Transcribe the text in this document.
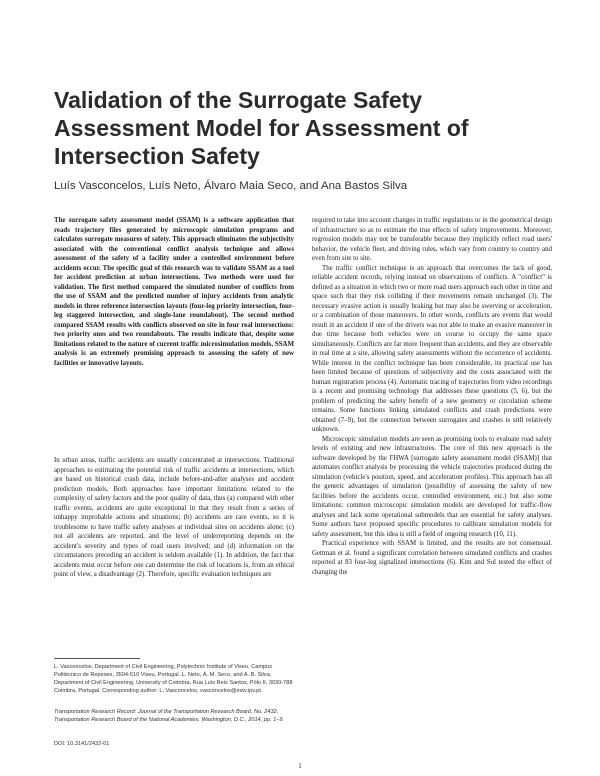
Validation of the Surrogate Safety Assessment Model for Assessment of Intersection Safety
Luís Vasconcelos, Luís Neto, Álvaro Maia Seco, and Ana Bastos Silva

The surrogate safety assessment model (SSAM) is a software application that reads trajectory files generated by microscopic simulation programs and calculates surrogate measures of safety. This approach eliminates the subjectivity associated with the conventional conflict analysis technique and allows assessment of the safety of a facility under a controlled environment before accidents occur. The specific goal of this research was to validate SSAM as a tool for accident prediction at urban intersections. Two methods were used for validation. The first method compared the simulated number of conflicts from the use of SSAM and the predicted number of injury accidents from analytic models in three reference intersection layouts (four-leg priority intersection, four-leg staggered intersection, and single-lane roundabout). The second method compared SSAM results with conflicts observed on site in four real intersections: two priority ones and two roundabouts. The results indicate that, despite some limitations related to the nature of current traffic microsimulation models, SSAM analysis is an extremely promising approach to assessing the safety of new facilities or innovative layouts.

In urban areas, traffic accidents are usually concentrated at intersections. Traditional approaches to estimating the potential risk of traffic accidents at intersections, which are based on historical crash data, include before-and-after analyses and accident prediction models. Both approaches have important limitations related to the complexity of safety factors and the poor quality of data, thus (a) compared with other traffic events, accidents are quite exceptional in that they result from a series of unhappy improbable actions and situations; (b) accidents are rare events, so it is troublesome to have traffic safety analyses at individual sites on accidents alone; (c) not all accidents are reported, and the level of underreporting depends on the accident's severity and types of road users involved; and (d) information on the circumstances preceding an accident is seldom available (1). In addition, the fact that accidents must occur before one can determine the risk of locations is, from an ethical point of view, a disadvantage (2). Therefore, specific evaluation techniques are

required to take into account changes in traffic regulations or in the geometrical design of infrastructure so as to estimate the true effects of safety improvements. Moreover, regression models may not be transferable because they implicitly reflect road users' behavior, the vehicle fleet, and driving rules, which vary from country to country and even from site to site.

The traffic conflict technique is an approach that overcomes the lack of good, reliable accident records, relying instead on observations of conflicts. A "conflict" is defined as a situation in which two or more road users approach each other in time and space such that they risk colliding if their movements remain unchanged (3). The necessary evasive action is usually braking but may also be swerving or acceleration, or a combination of those maneuvers. In other words, conflicts are events that would result in an accident if one of the drivers was not able to make an evasive maneuver in due time because both vehicles were on course to occupy the same space simultaneously. Conflicts are far more frequent than accidents, and they are observable in real time at a site, allowing safety assessments without the occurrence of accidents. While interest in the conflict technique has been considerable, its practical use has been limited because of questions of subjectivity and the costs associated with the human registration process (4). Automatic tracing of trajectories from video recordings is a recent and promising technology that addresses these questions (5, 6), but the problem of predicting the safety benefit of a new geometry or circulation scheme remains. Some functions linking simulated conflicts and crash predictions were obtained (7–9), but the connection between surrogates and crashes is still relatively unknown.

Microscopic simulation models are seen as promising tools to evaluate road safety levels of existing and new infrastructures. The core of this new approach is the software developed by the FHWA [surrogate safety assessment model (SSAM)] that automates conflict analysis by processing the vehicle trajectories produced during the simulation (vehicle's position, speed, and acceleration profiles). This approach has all the generic advantages of simulation (possibility of assessing the safety of new facilities before the accidents occur, controlled environment, etc.) but also some limitations: common microscopic simulation models are developed for traffic-flow analyses and lack some operational submodels that are essential for safety analyses. Some authors have proposed specific procedures to calibrate simulation models for safety assessment, but this idea is still a field of ongoing research (10, 11).

Practical experience with SSAM is limited, and the results are not consensual. Gettman et al. found a significant correlation between simulated conflicts and crashes reported at 83 four-leg signalized intersections (6). Kim and Sul tested the effect of changing the

L. Vasconcelos, Department of Civil Engineering, Polytechnic Institute of Viseu, Campus Politécnico de Repeses, 3504-510 Viseu, Portugal. L. Neto, Á. M. Seco, and A. B. Silva, Department of Civil Engineering, University of Coimbra, Rua Luís Reis Santos, Pólo II, 3030-788 Coimbra, Portugal. Corresponding author: L. Vasconcelos, vasconcelos@estv.ipv.pt.

Transportation Research Record: Journal of the Transportation Research Board, No. 2432, Transportation Research Board of the National Academies, Washington, D.C., 2014, pp. 1–9.

DOI: 10.3141/2432-01

1
